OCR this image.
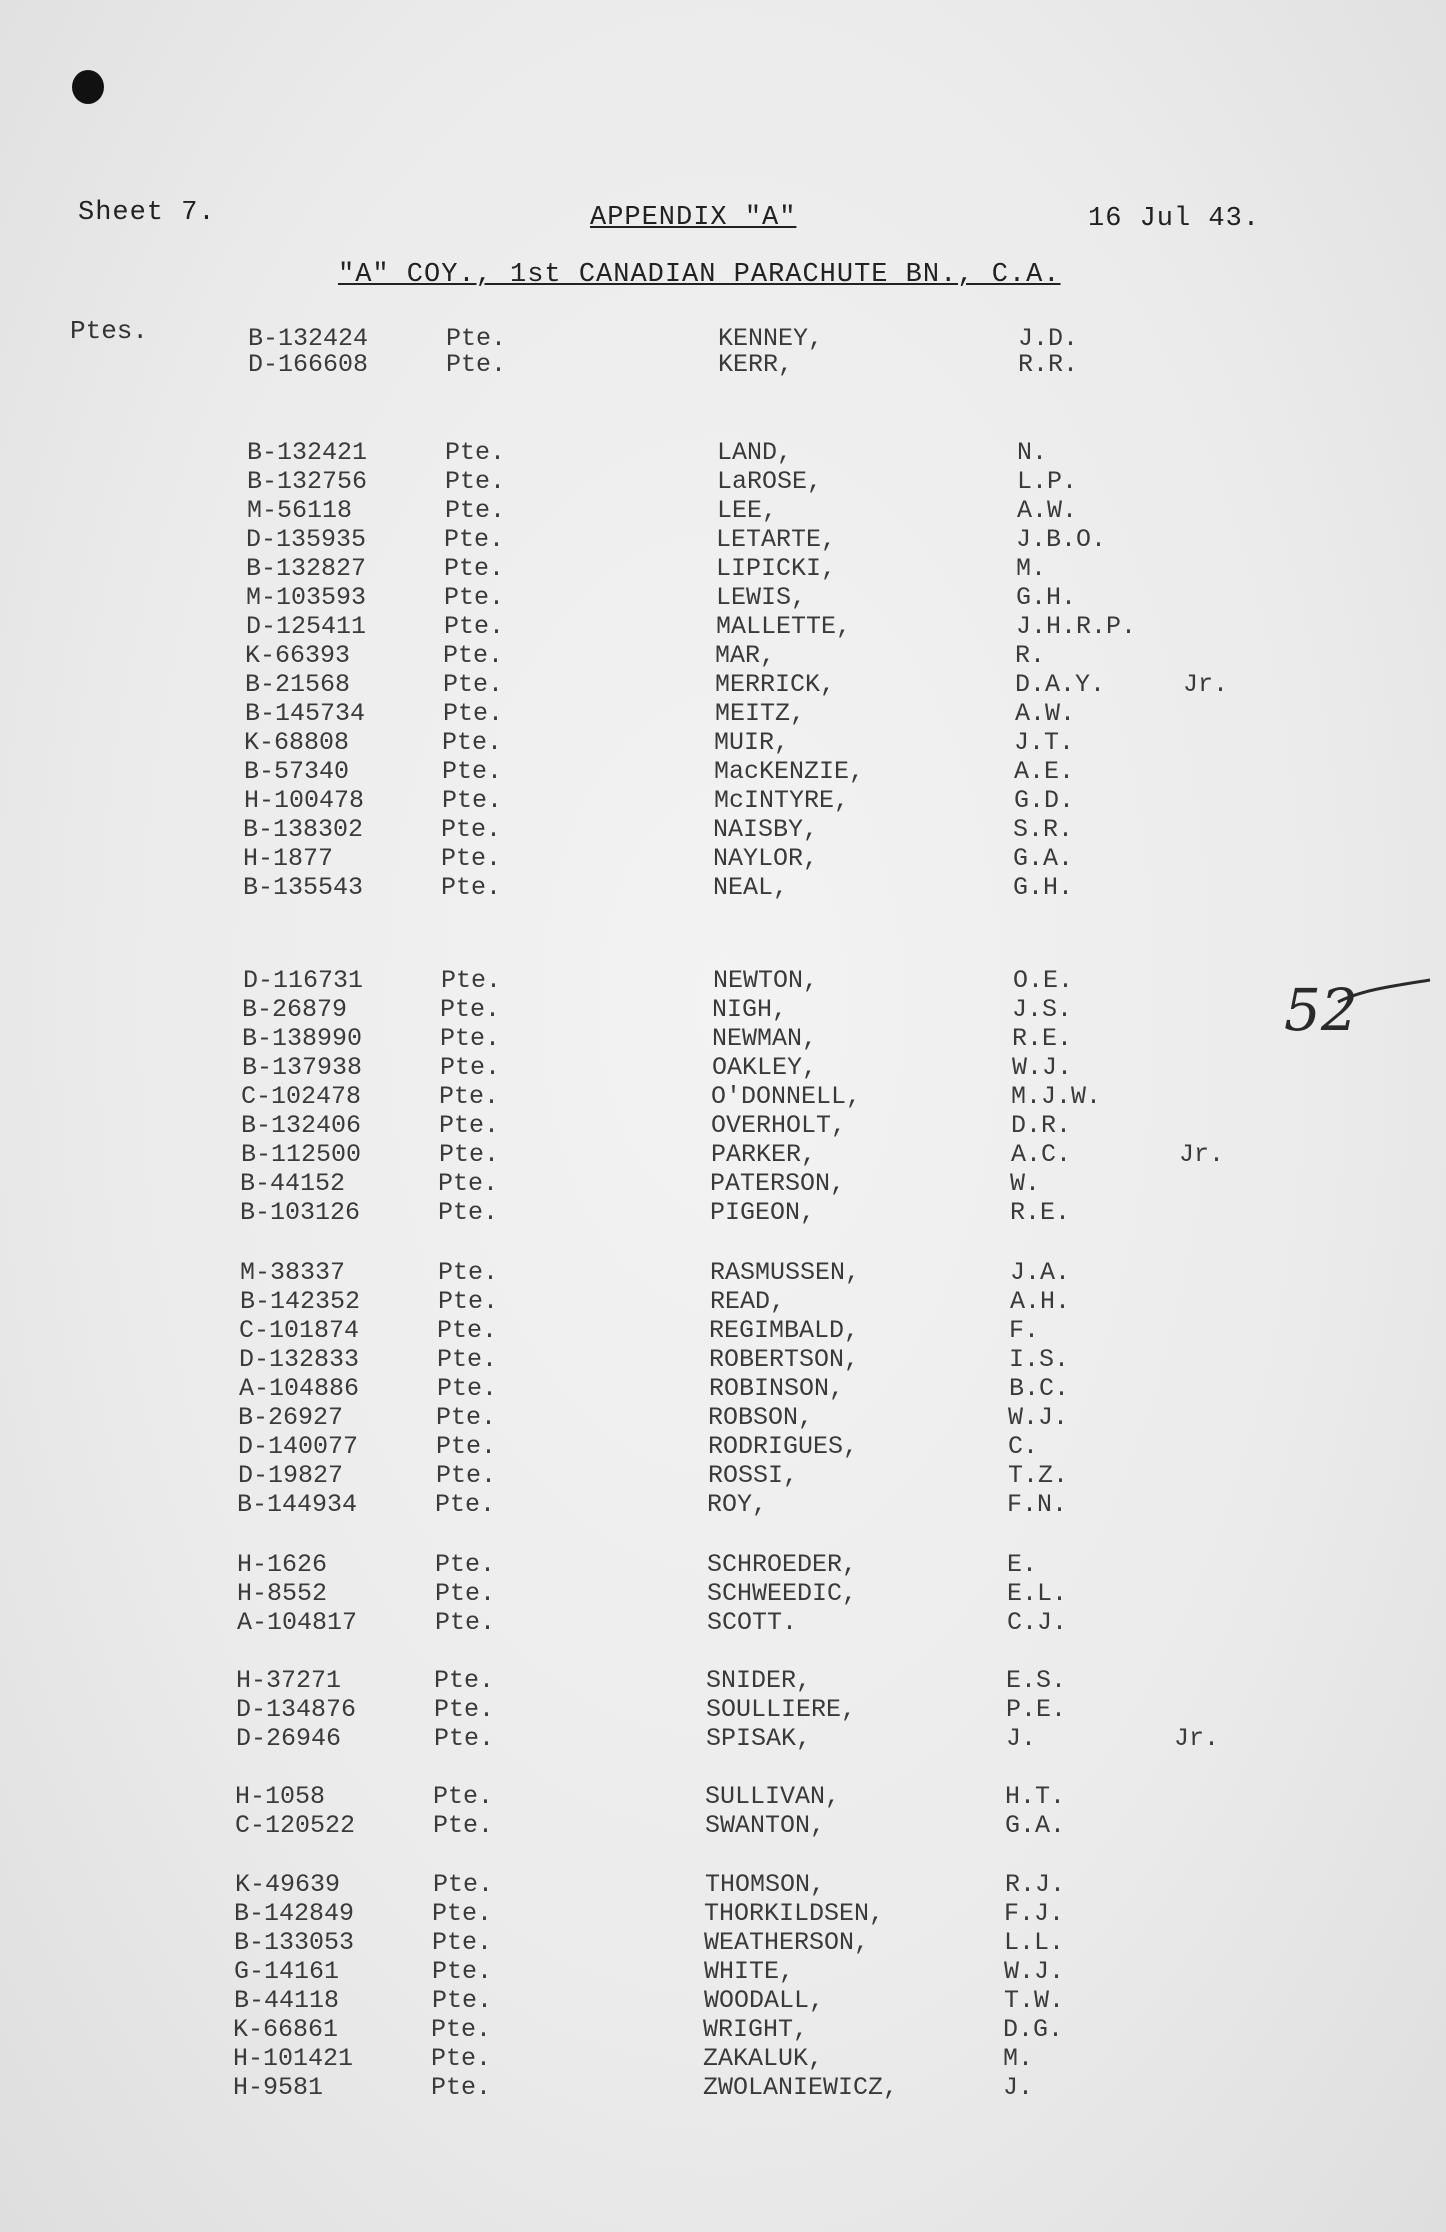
Sheet 7.	APPENDIX "A"	16 Jul 43.
"A" COY., 1st CANADIAN PARACHUTE BN., C.A.
Ptes.	B-132424	Pte.	KENNEY,	J.D.
D-166608	Pte.	KERR,	R.R.
B-132421	Pte.	LAND,	N.
B-132756	Pte.	LaROSE,	L.P.
M-56118	Pte.	LEE,	A.W.
D-135935	Pte.	LETARTE,	J.B.O.
B-132827	Pte.	LIPICKI,	M.
M-103593	Pte.	LEWIS,	G.H.
D-125411	Pte.	MALLETTE,	J.H.R.P.
K-66393	Pte.	MAR,	R.
B-21568	Pte.	MERRICK,	D.A.Y.	Jr.
B-145734	Pte.	MEITZ,	A.W.
K-68808	Pte.	MUIR,	J.T.
B-57340	Pte.	MacKENZIE,	A.E.
H-100478	Pte.	McINTYRE,	G.D.
B-138302	Pte.	NAISBY,	S.R.
H-1877	Pte.	NAYLOR,	G.A.
B-135543	Pte.	NEAL,	G.H.
D-116731	Pte.	NEWTON,	O.E.
B-26879	Pte.	NIGH,	J.S.
B-138990	Pte.	NEWMAN,	R.E.
B-137938	Pte.	OAKLEY,	W.J.
C-102478	Pte.	O'DONNELL,	M.J.W.
B-132406	Pte.	OVERHOLT,	D.R.
B-112500	Pte.	PARKER,	A.C.	Jr.
B-44152	Pte.	PATERSON,	W.
B-103126	Pte.	PIGEON,	R.E.
M-38337	Pte.	RASMUSSEN,	J.A.
B-142352	Pte.	READ,	A.H.
C-101874	Pte.	REGIMBALD,	F.
D-132833	Pte.	ROBERTSON,	I.S.
A-104886	Pte.	ROBINSON,	B.C.
B-26927	Pte.	ROBSON,	W.J.
D-140077	Pte.	RODRIGUES,	C.
D-19827	Pte.	ROSSI,	T.Z.
B-144934	Pte.	ROY,	F.N.
H-1626	Pte.	SCHROEDER,	E.
H-8552	Pte.	SCHWEEDIC,	E.L.
A-104817	Pte.	SCOTT.	C.J.
H-37271	Pte.	SNIDER,	E.S.
D-134876	Pte.	SOULLIERE,	P.E.
D-26946	Pte.	SPISAK,	J.	Jr.
H-1058	Pte.	SULLIVAN,	H.T.
C-120522	Pte.	SWANTON,	G.A.
K-49639	Pte.	THOMSON,	R.J.
B-142849	Pte.	THORKILDSEN,	F.J.
B-133053	Pte.	WEATHERSON,	L.L.
G-14161	Pte.	WHITE,	W.J.
B-44118	Pte.	WOODALL,	T.W.
K-66861	Pte.	WRIGHT,	D.G.
H-101421	Pte.	ZAKALUK,	M.
H-9581	Pte.	ZWOLANIEWICZ,	J.
52
